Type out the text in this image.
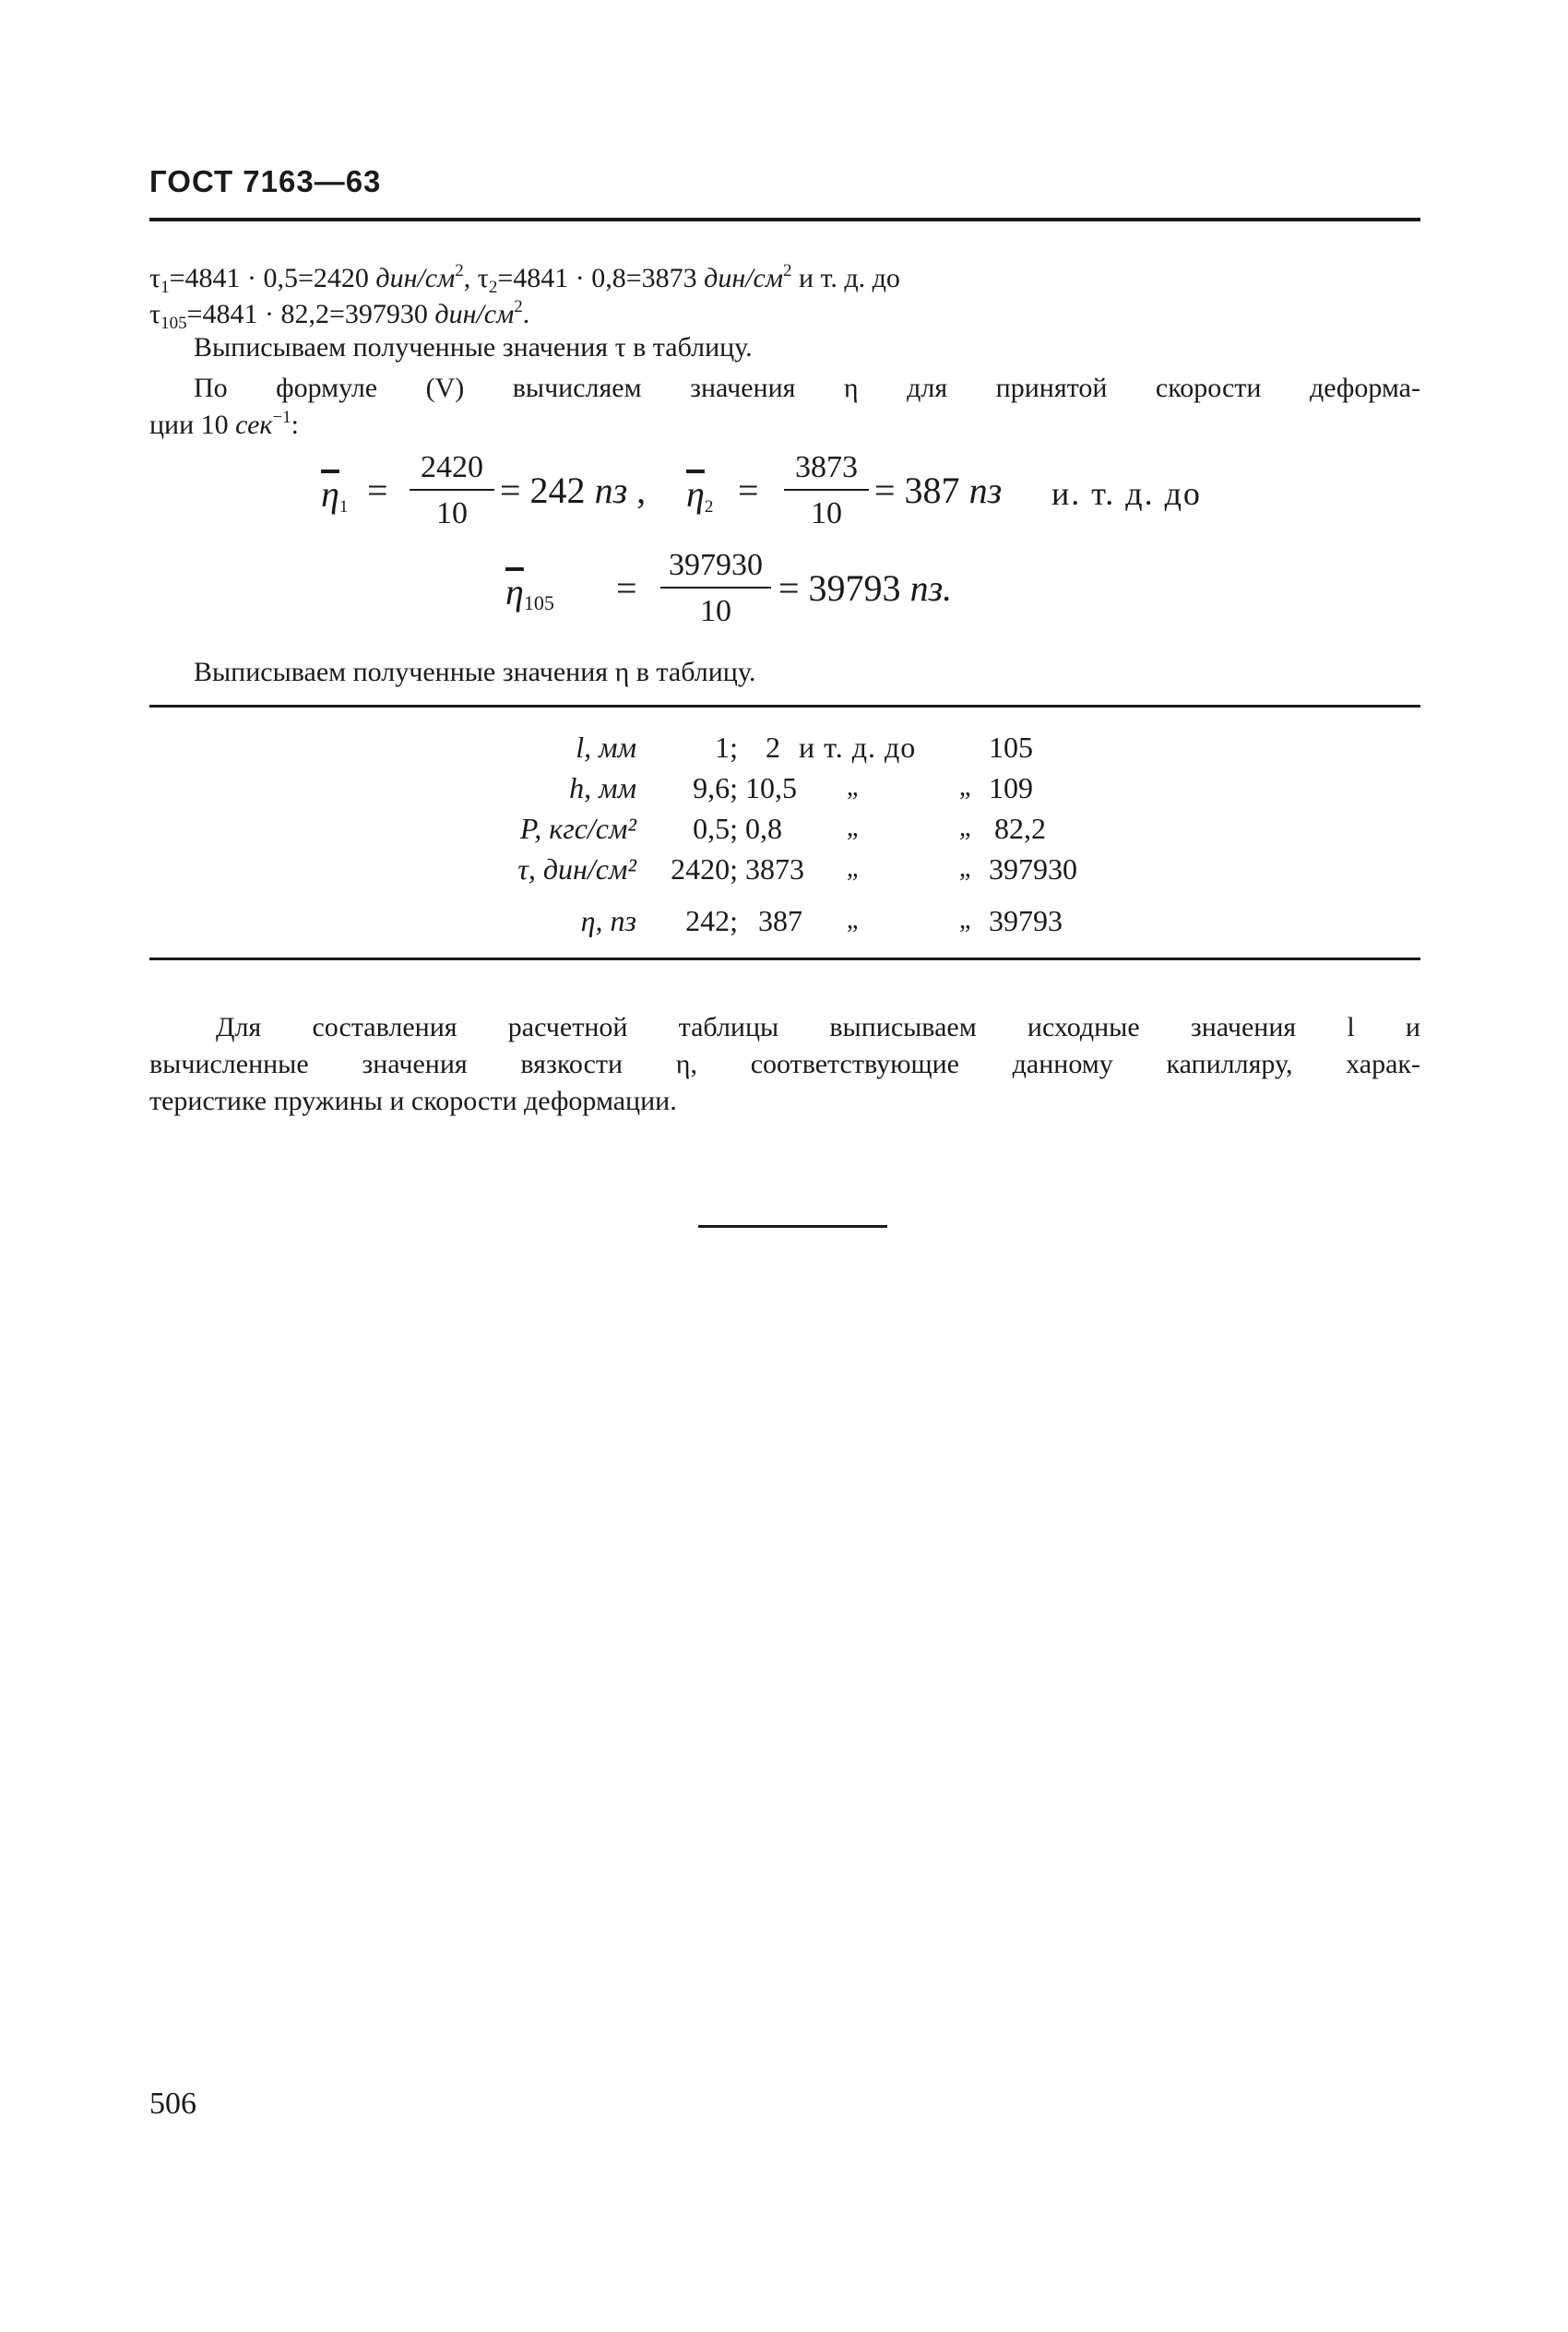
ГОСТ 7163—63
$\tau_1=4841 \cdot 0,5=2420$ дин/$см^2$, $\tau_2=4841 \cdot 0,8=3873$ дин/$см^2$ и т. д. до
$\tau_{105}=4841 \cdot 82,2=397930$ дин/$см^2$.
Выписываем полученные значения τ в таблицу.
По формуле (V) вычисляем значения η для принятой скорости деформа-
ции 10 сек$^{-1}$:
$\overline{\eta}_1$ =
2420
10
= 242 пз , $\overline{\eta}_2$ =
3873
10
= 387 пз и. т. д. до
$\overline{\eta}_{105}$ =
397930
10
= 39793 пз.
Выписываем полученные значения η в таблицу.
l, мм	1; 2 и т. д. до 105
h, мм	9,6; 10,5 „	„ 109
P, кгс/см²	0,5; 0,8	„	„ 82,2
τ, дин/см²	2420; 3873 „	„ 397930
η, пз	242; 387 „	„ 39793
Для составления расчетной таблицы выписываем исходные значения l и
вычисленные значения вязкости η, соответствующие данному капилляру, харак-
теристике пружины и скорости деформации.
506
